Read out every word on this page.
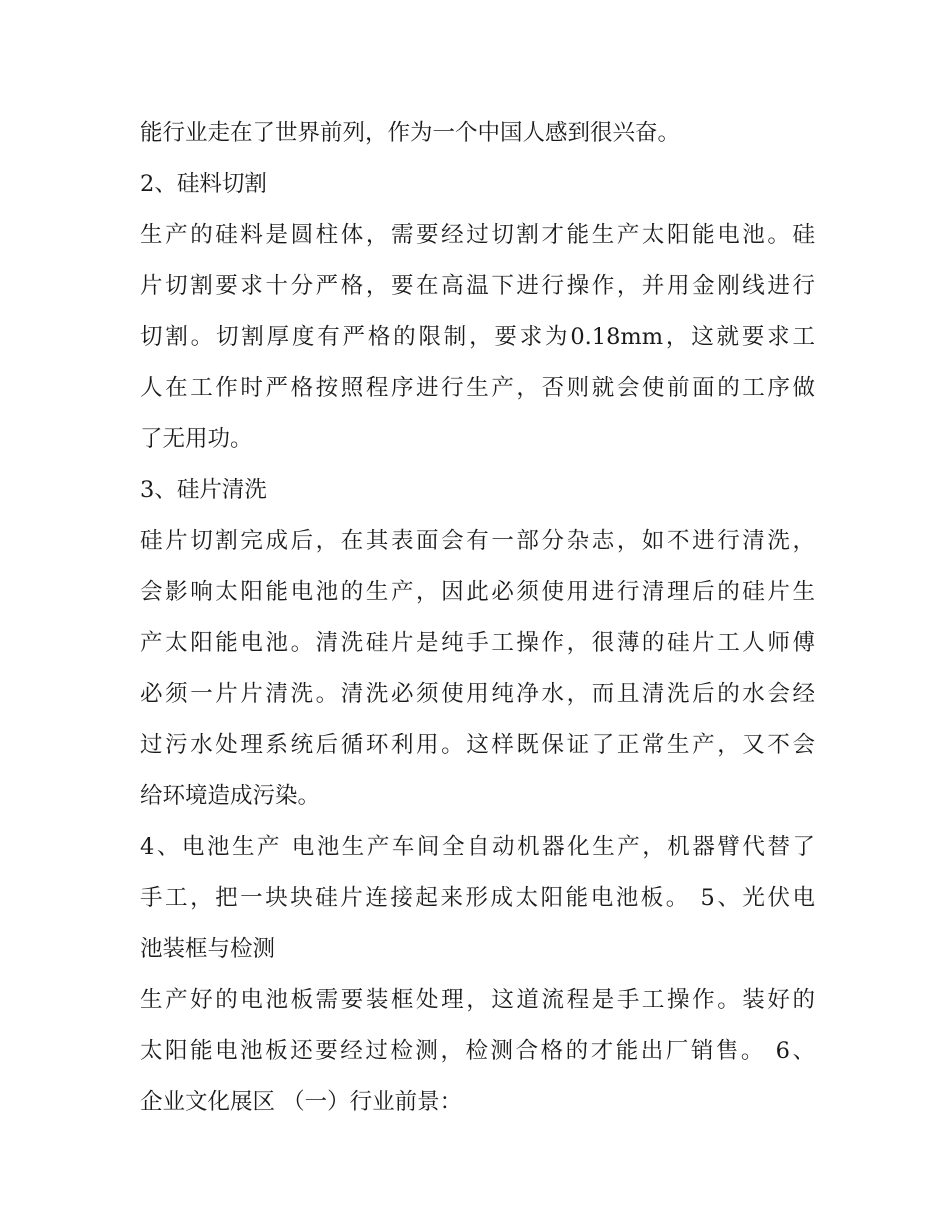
能行业走在了世界前列，作为一个中国人感到很兴奋。
2、硅料切割
生产的硅料是圆柱体，需要经过切割才能生产太阳能电池。硅
片切割要求十分严格，要在高温下进行操作，并用金刚线进行
切割。切割厚度有严格的限制，要求为0.18mm，这就要求工
人在工作时严格按照程序进行生产，否则就会使前面的工序做
了无用功。
3、硅片清洗
硅片切割完成后，在其表面会有一部分杂志，如不进行清洗，
会影响太阳能电池的生产，因此必须使用进行清理后的硅片生
产太阳能电池。清洗硅片是纯手工操作，很薄的硅片工人师傅
必须一片片清洗。清洗必须使用纯净水，而且清洗后的水会经
过污水处理系统后循环利用。这样既保证了正常生产，又不会
给环境造成污染。
4、电池生产 电池生产车间全自动机器化生产，机器臂代替了
手工，把一块块硅片连接起来形成太阳能电池板。 5、光伏电
池装框与检测
生产好的电池板需要装框处理，这道流程是手工操作。装好的
太阳能电池板还要经过检测，检测合格的才能出厂销售。 6、
企业文化展区 （一）行业前景：
